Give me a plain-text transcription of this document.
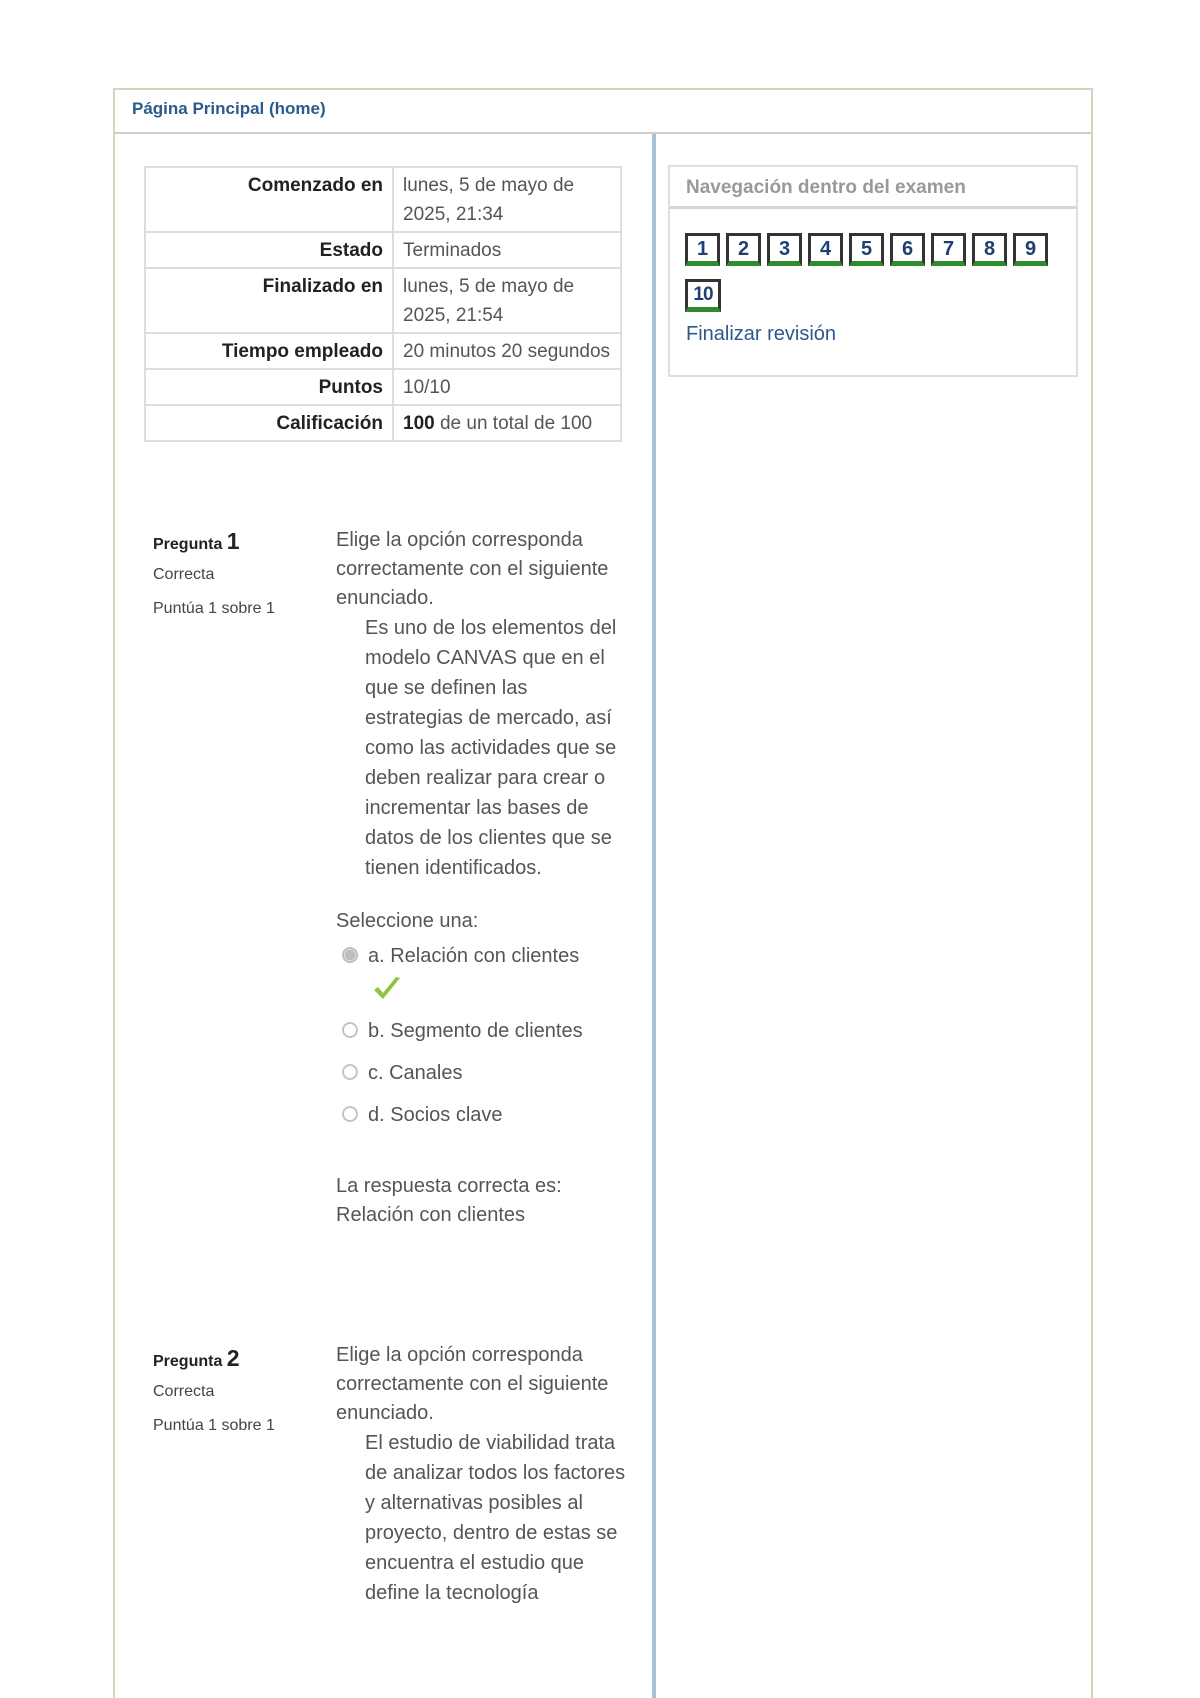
Página Principal (home)
Comenzado en	lunes, 5 de mayo de 2025, 21:34
Estado	Terminados
Finalizado en	lunes, 5 de mayo de 2025, 21:54
Tiempo empleado	20 minutos 20 segundos
Puntos	10/10
Calificación	100 de un total de 100
Pregunta 1
Correcta
Puntúa 1 sobre 1
Elige la opción corresponda correctamente con el siguiente enunciado.
Es uno de los elementos del modelo CANVAS que en el que se definen las estrategias de mercado, así como las actividades que se deben realizar para crear o incrementar las bases de datos de los clientes que se tienen identificados.
Seleccione una:
a. Relación con clientes
b. Segmento de clientes
c. Canales
d. Socios clave
La respuesta correcta es: Relación con clientes
Pregunta 2
Correcta
Puntúa 1 sobre 1
Elige la opción corresponda correctamente con el siguiente enunciado.
El estudio de viabilidad trata de analizar todos los factores y alternativas posibles al proyecto, dentro de estas se encuentra el estudio que define la tecnología
Navegación dentro del examen
1	2	3	4	5	6	7	8	9
10
Finalizar revisión
